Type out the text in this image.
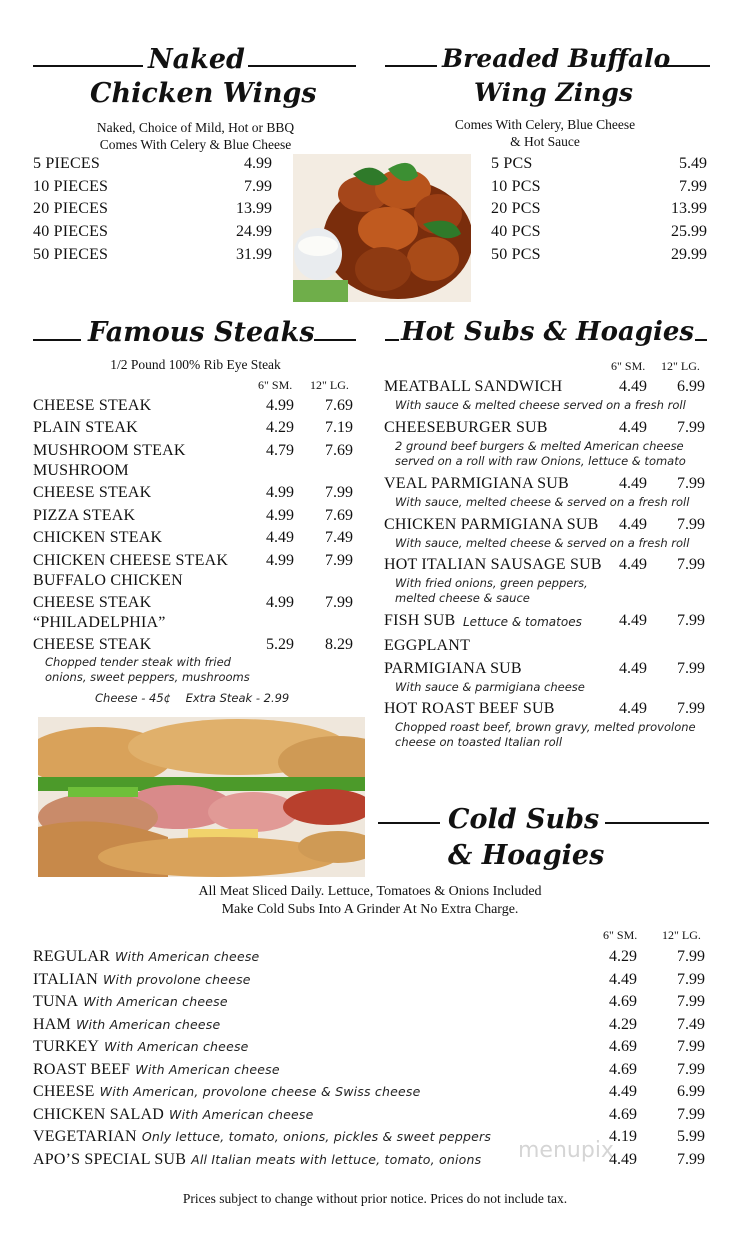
Naked
Chicken Wings
Naked, Choice of Mild, Hot or BBQ
Comes With Celery & Blue Cheese
Breaded Buffalo
Wing Zings
Comes With Celery, Blue Cheese
& Hot Sauce
Famous Steaks
1/2 Pound 100% Rib Eye Steak
6" SM. 12" LG.
Chopped tender steak with fried
onions, sweet peppers, mushrooms
Cheese - 45¢    Extra Steak - 2.99
Hot Subs & Hoagies
6" SM. 12" LG.
Cold Subs
& Hoagies
All Meat Sliced Daily. Lettuce, Tomatoes & Onions Included
Make Cold Subs Into A Grinder At No Extra Charge.
6" SM. 12" LG.
menupix
Prices subject to change without prior notice. Prices do not include tax.
5 PIECES	4.99
10 PIECES	7.99
20 PIECES	13.99
40 PIECES	24.99
50 PIECES	31.99
5 PCS	5.49
10 PCS	7.99
20 PCS	13.99
40 PCS	25.99
50 PCS	29.99
CHEESE STEAK	4.99	7.69
PLAIN STEAK	4.29	7.19
MUSHROOM STEAK	4.79	7.69
MUSHROOM
CHEESE STEAK	4.99	7.99
PIZZA STEAK	4.99	7.69
CHICKEN STEAK	4.49	7.49
CHICKEN CHEESE STEAK	4.99	7.99
BUFFALO CHICKEN
CHEESE STEAK	4.99	7.99
“PHILADELPHIA”
CHEESE STEAK	5.29	8.29
MEATBALL SANDWICH	4.49	6.99
With sauce & melted cheese served on a fresh roll
CHEESEBURGER SUB	4.49	7.99
2 ground beef burgers & melted American cheese
served on a roll with raw Onions, lettuce & tomato
VEAL PARMIGIANA SUB	4.49	7.99
With sauce, melted cheese & served on a fresh roll
CHICKEN PARMIGIANA SUB	4.49	7.99
With sauce, melted cheese & served on a fresh roll
HOT ITALIAN SAUSAGE SUB	4.49	7.99
With fried onions, green peppers,
melted cheese & sauce
FISH SUB Lettuce & tomatoes	4.49	7.99
EGGPLANT
PARMIGIANA SUB	4.49	7.99
With sauce & parmigiana cheese
HOT ROAST BEEF SUB	4.49	7.99
Chopped roast beef, brown gravy, melted provolone
cheese on toasted Italian roll
REGULAR With American cheese	4.29	7.99
ITALIAN With provolone cheese	4.49	7.99
TUNA With American cheese	4.69	7.99
HAM With American cheese	4.29	7.49
TURKEY With American cheese	4.69	7.99
ROAST BEEF With American cheese	4.69	7.99
CHEESE With American, provolone cheese & Swiss cheese	4.49	6.99
CHICKEN SALAD With American cheese	4.69	7.99
VEGETARIAN Only lettuce, tomato, onions, pickles & sweet peppers	4.19	5.99
APO’S SPECIAL SUB All Italian meats with lettuce, tomato, onions	4.49	7.99
